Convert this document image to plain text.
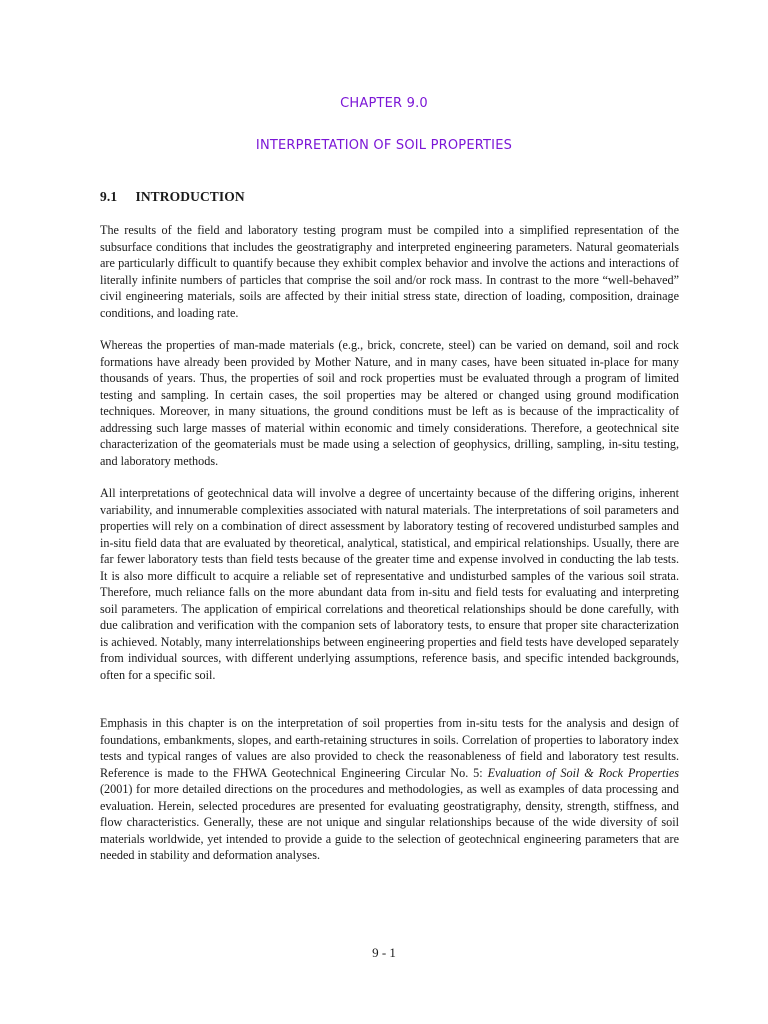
CHAPTER 9.0
INTERPRETATION OF SOIL PROPERTIES
9.1 INTRODUCTION

The results of the field and laboratory testing program must be compiled into a simplified representation of the subsurface conditions that includes the geostratigraphy and interpreted engineering parameters. Natural geomaterials are particularly difficult to quantify because they exhibit complex behavior and involve the actions and interactions of literally infinite numbers of particles that comprise the soil and/or rock mass. In contrast to the more “well-behaved” civil engineering materials, soils are affected by their initial stress state, direction of loading, composition, drainage conditions, and loading rate.

Whereas the properties of man-made materials (e.g., brick, concrete, steel) can be varied on demand, soil and rock formations have already been provided by Mother Nature, and in many cases, have been situated in-place for many thousands of years. Thus, the properties of soil and rock properties must be evaluated through a program of limited testing and sampling. In certain cases, the soil properties may be altered or changed using ground modification techniques. Moreover, in many situations, the ground conditions must be left as is because of the impracticality of addressing such large masses of material within economic and timely considerations. Therefore, a geotechnical site characterization of the geomaterials must be made using a selection of geophysics, drilling, sampling, in-situ testing, and laboratory methods.

All interpretations of geotechnical data will involve a degree of uncertainty because of the differing origins, inherent variability, and innumerable complexities associated with natural materials. The interpretations of soil parameters and properties will rely on a combination of direct assessment by laboratory testing of recovered undisturbed samples and in-situ field data that are evaluated by theoretical, analytical, statistical, and empirical relationships. Usually, there are far fewer laboratory tests than field tests because of the greater time and expense involved in conducting the lab tests. It is also more difficult to acquire a reliable set of representative and undisturbed samples of the various soil strata. Therefore, much reliance falls on the more abundant data from in-situ and field tests for evaluating and interpreting soil parameters. The application of empirical correlations and theoretical relationships should be done carefully, with due calibration and verification with the companion sets of laboratory tests, to ensure that proper site characterization is achieved. Notably, many interrelationships between engineering properties and field tests have developed separately from individual sources, with different underlying assumptions, reference basis, and specific intended backgrounds, often for a specific soil.

Emphasis in this chapter is on the interpretation of soil properties from in-situ tests for the analysis and design of foundations, embankments, slopes, and earth-retaining structures in soils. Correlation of properties to laboratory index tests and typical ranges of values are also provided to check the reasonableness of field and laboratory test results. Reference is made to the FHWA Geotechnical Engineering Circular No. 5: Evaluation of Soil & Rock Properties (2001) for more detailed directions on the procedures and methodologies, as well as examples of data processing and evaluation. Herein, selected procedures are presented for evaluating geostratigraphy, density, strength, stiffness, and flow characteristics. Generally, these are not unique and singular relationships because of the wide diversity of soil materials worldwide, yet intended to provide a guide to the selection of geotechnical engineering parameters that are needed in stability and deformation analyses.

9 - 1
